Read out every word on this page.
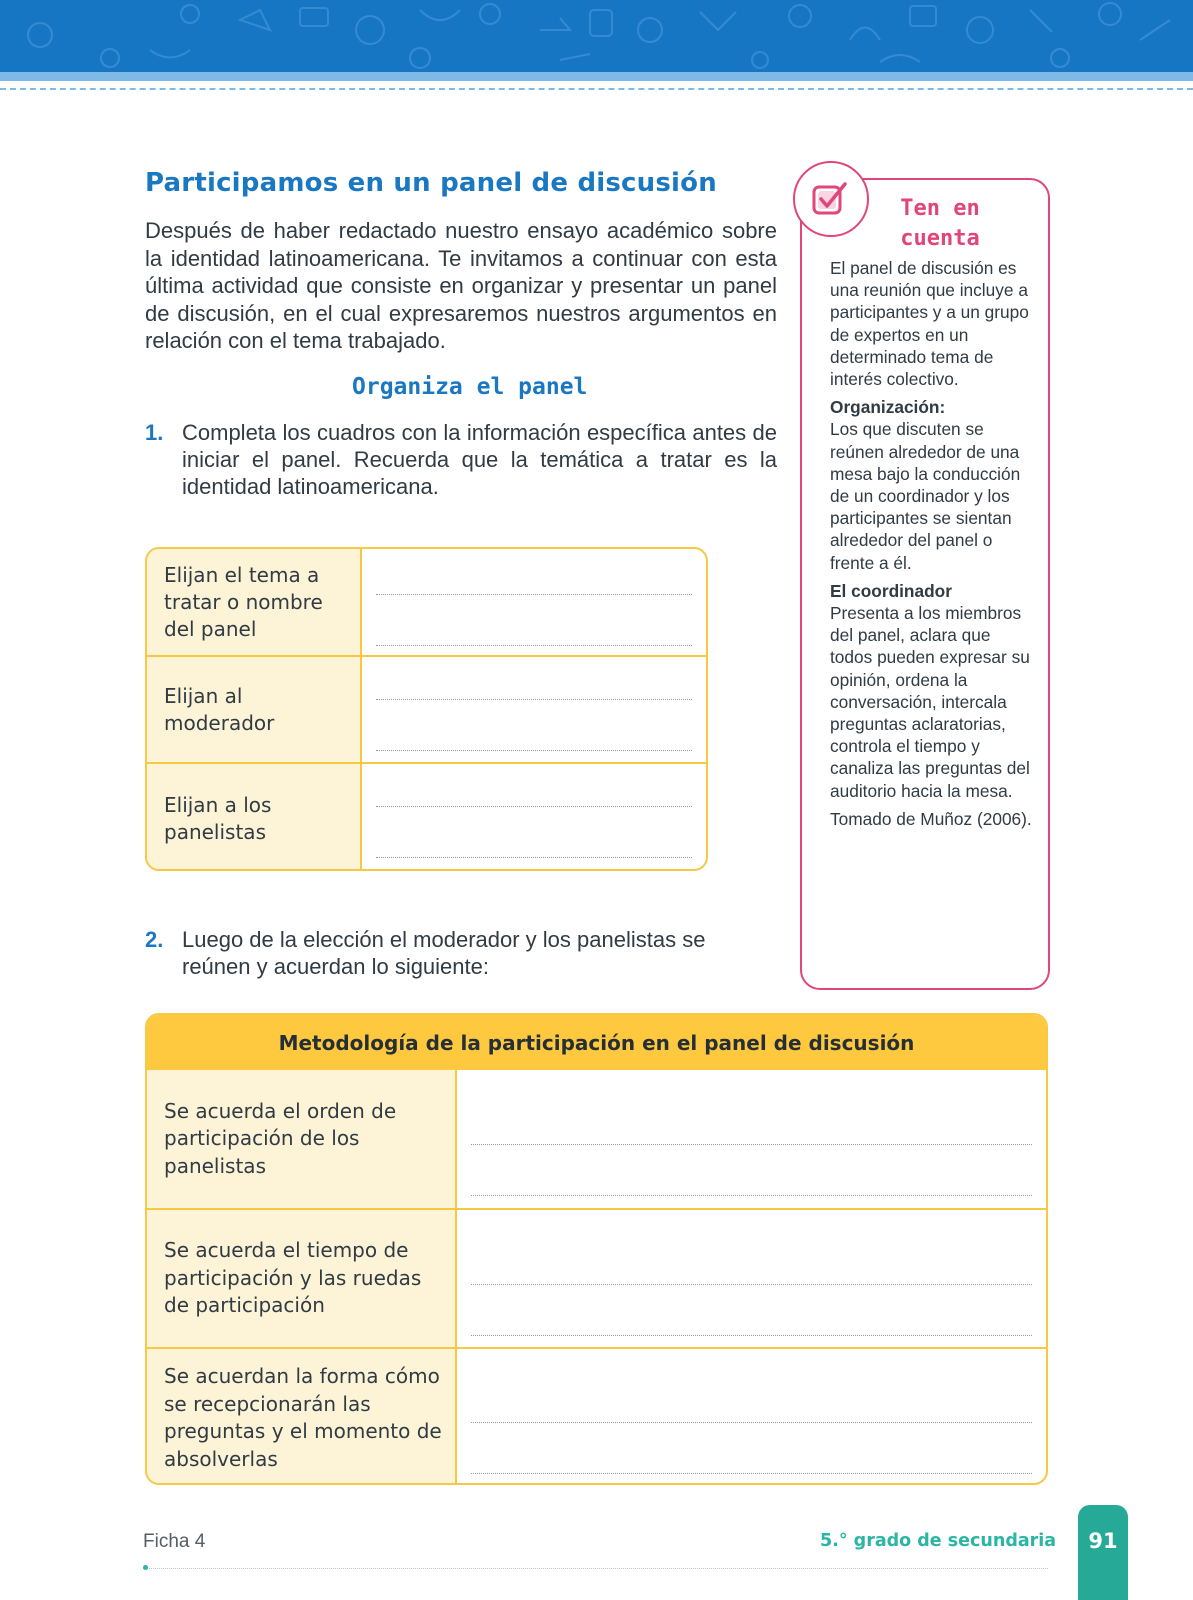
Participamos en un panel de discusión

Después de haber redactado nuestro ensayo académico sobre la identidad latinoamericana. Te invitamos a continuar con esta última actividad que consiste en organizar y presentar un panel de discusión, en el cual expresaremos nuestros argumentos en relación con el tema trabajado.

Organiza el panel
1. Completa los cuadros con la información específica antes de iniciar el panel. Recuerda que la temática a tratar es la identidad latinoamericana.
Elijan el tema a tratar o nombre del panel
Elijan al moderador
Elijan a los panelistas
2. Luego de la elección el moderador y los panelistas se reúnen y acuerdan lo siguiente:
Ten en cuenta

El panel de discusión es una reunión que incluye a participantes y a un grupo de expertos en un determinado tema de interés colectivo.

Organización:
Los que discuten se reúnen alrededor de una mesa bajo la conducción de un coordinador y los participantes se sientan alrededor del panel o frente a él.

El coordinador
Presenta a los miembros del panel, aclara que todos pueden expresar su opinión, ordena la conversación, intercala preguntas aclaratorias, controla el tiempo y canaliza las preguntas del auditorio hacia la mesa.

Tomado de Muñoz (2006).

Metodología de la participación en el panel de discusión
Se acuerda el orden de participación de los panelistas
Se acuerda el tiempo de participación y las ruedas de participación
Se acuerdan la forma cómo se recepcionarán las preguntas y el momento de absolverlas
Ficha 4	5.° grado de secundaria 91
